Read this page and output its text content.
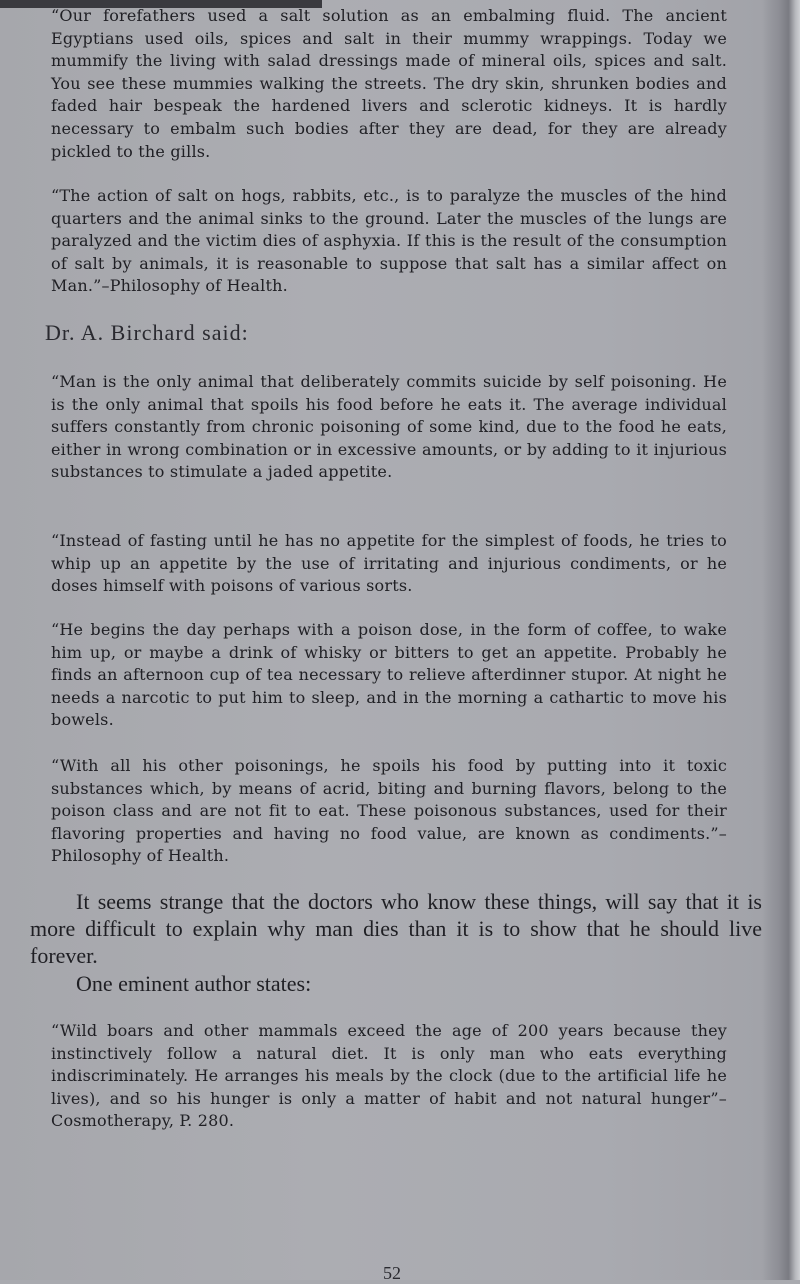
“Our forefathers used a salt solution as an embalming fluid. The ancient Egyptians used oils, spices and salt in their mummy wrappings. Today we mummify the living with salad dressings made of mineral oils, spices and salt. You see these mummies walking the streets. The dry skin, shrunken bodies and faded hair bespeak the hardened livers and sclerotic kidneys. It is hardly necessary to embalm such bodies after they are dead, for they are already pickled to the gills.

“The action of salt on hogs, rabbits, etc., is to paralyze the muscles of the hind quarters and the animal sinks to the ground. Later the muscles of the lungs are paralyzed and the victim dies of asphyxia. If this is the result of the consumption of salt by animals, it is reasonable to suppose that salt has a similar affect on Man.”–Philosophy of Health.

Dr. A. Birchard said:

“Man is the only animal that deliberately commits suicide by self poisoning. He is the only animal that spoils his food before he eats it. The average individual suffers constantly from chronic poisoning of some kind, due to the food he eats, either in wrong combination or in excessive amounts, or by adding to it injurious substances to stimulate a jaded appetite.

“Instead of fasting until he has no appetite for the simplest of foods, he tries to whip up an appetite by the use of irritating and injurious condiments, or he doses himself with poisons of various sorts.

“He begins the day perhaps with a poison dose, in the form of coffee, to wake him up, or maybe a drink of whisky or bitters to get an appetite. Probably he finds an afternoon cup of tea necessary to relieve afterdinner stupor. At night he needs a narcotic to put him to sleep, and in the morning a cathartic to move his bowels.

“With all his other poisonings, he spoils his food by putting into it toxic substances which, by means of acrid, biting and burning flavors, belong to the poison class and are not fit to eat. These poisonous substances, used for their flavoring properties and having no food value, are known as condiments.”–Philosophy of Health.

It seems strange that the doctors who know these things, will say that it is more difficult to explain why man dies than it is to show that he should live forever.

One eminent author states:

“Wild boars and other mammals exceed the age of 200 years because they instinctively follow a natural diet. It is only man who eats everything indiscriminately. He arranges his meals by the clock (due to the artificial life he lives), and so his hunger is only a matter of habit and not natural hunger”–Cosmotherapy, P. 280.

52
